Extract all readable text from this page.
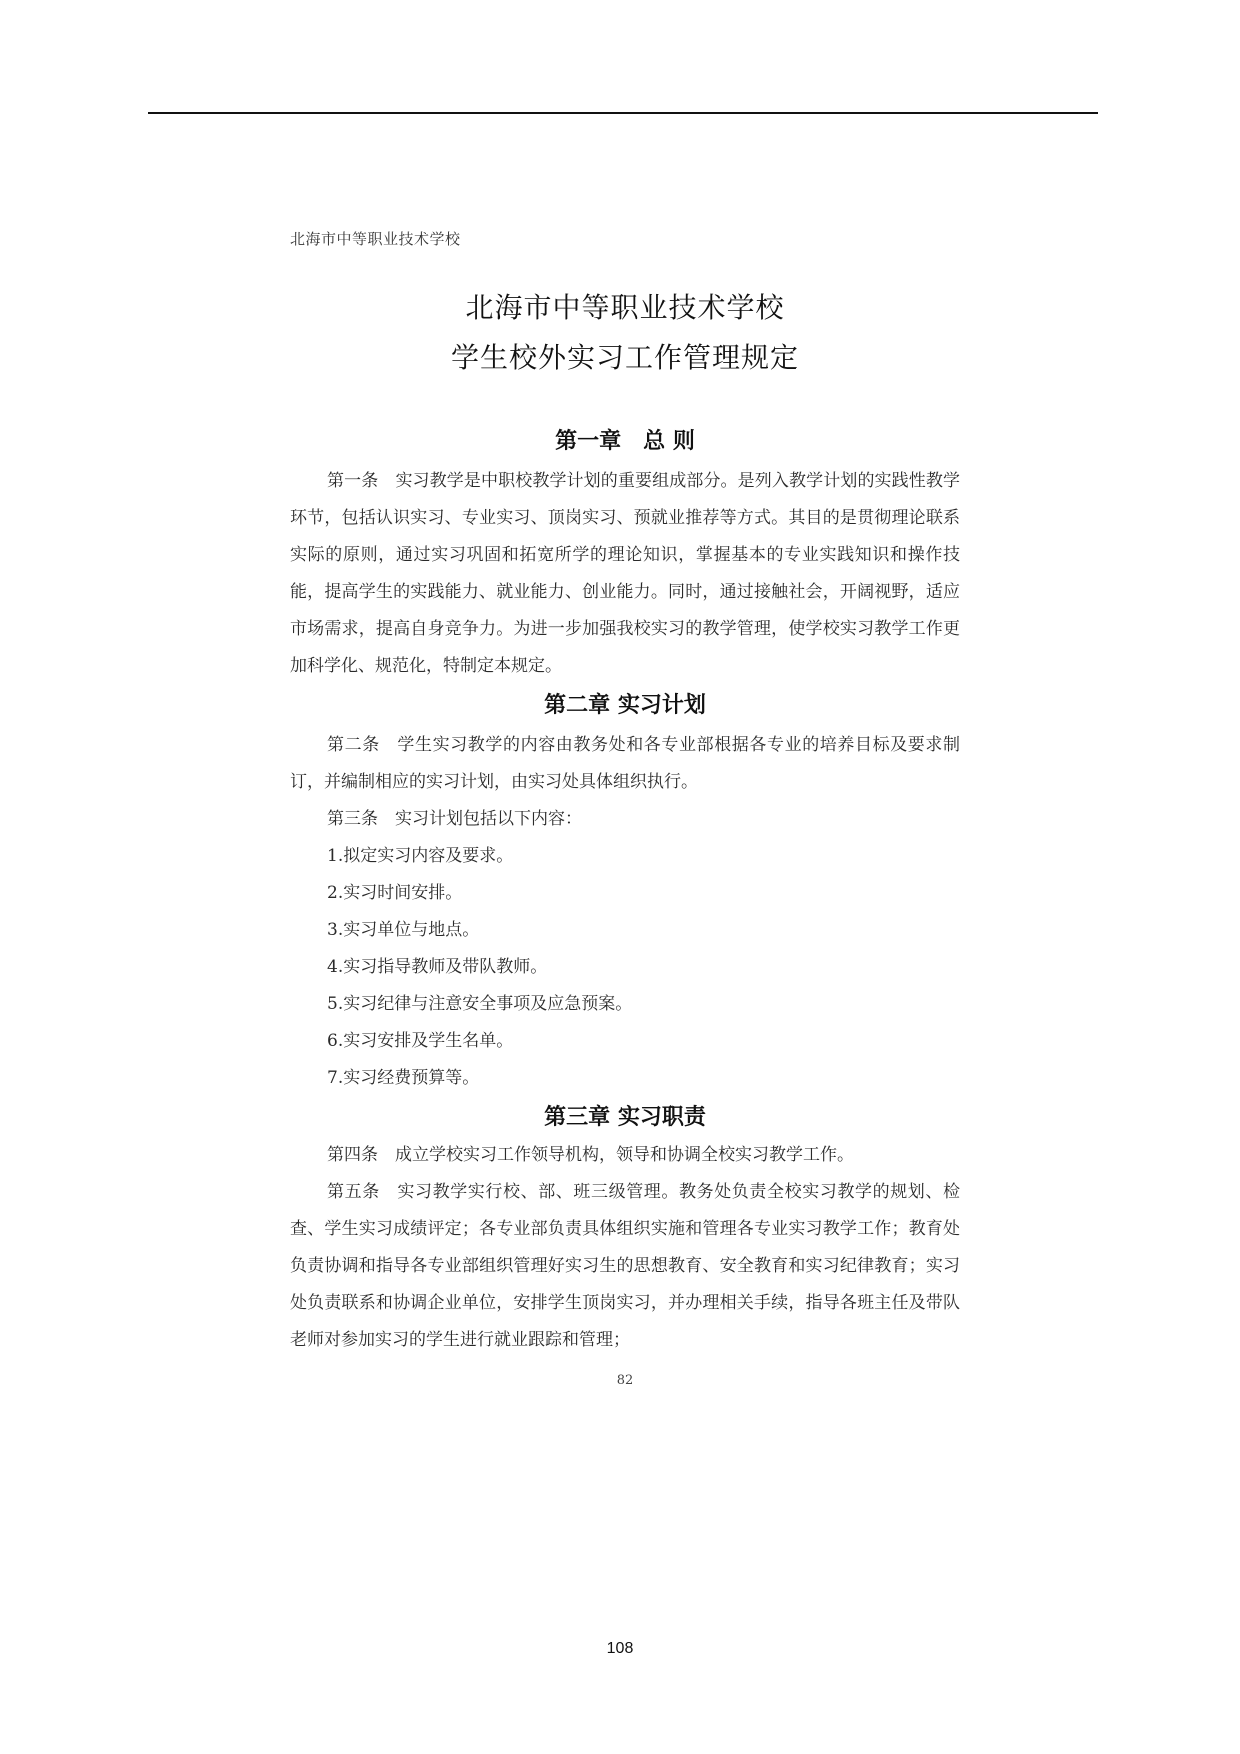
北海市中等职业技术学校
北海市中等职业技术学校
学生校外实习工作管理规定
第一章　总 则

第一条　实习教学是中职校教学计划的重要组成部分。是列入教学计划的实践性教学环节，包括认识实习、专业实习、顶岗实习、预就业推荐等方式。其目的是贯彻理论联系实际的原则，通过实习巩固和拓宽所学的理论知识，掌握基本的专业实践知识和操作技能，提高学生的实践能力、就业能力、创业能力。同时，通过接触社会，开阔视野，适应市场需求，提高自身竞争力。为进一步加强我校实习的教学管理，使学校实习教学工作更加科学化、规范化，特制定本规定。

第二章 实习计划

第二条　学生实习教学的内容由教务处和各专业部根据各专业的培养目标及要求制订，并编制相应的实习计划，由实习处具体组织执行。

第三条　实习计划包括以下内容：

1.拟定实习内容及要求。

2.实习时间安排。

3.实习单位与地点。

4.实习指导教师及带队教师。

5.实习纪律与注意安全事项及应急预案。

6.实习安排及学生名单。

7.实习经费预算等。

第三章 实习职责

第四条　成立学校实习工作领导机构，领导和协调全校实习教学工作。

第五条　实习教学实行校、部、班三级管理。教务处负责全校实习教学的规划、检查、学生实习成绩评定；各专业部负责具体组织实施和管理各专业实习教学工作；教育处负责协调和指导各专业部组织管理好实习生的思想教育、安全教育和实习纪律教育；实习处负责联系和协调企业单位，安排学生顶岗实习，并办理相关手续，指导各班主任及带队老师对参加实习的学生进行就业跟踪和管理；

82
108
